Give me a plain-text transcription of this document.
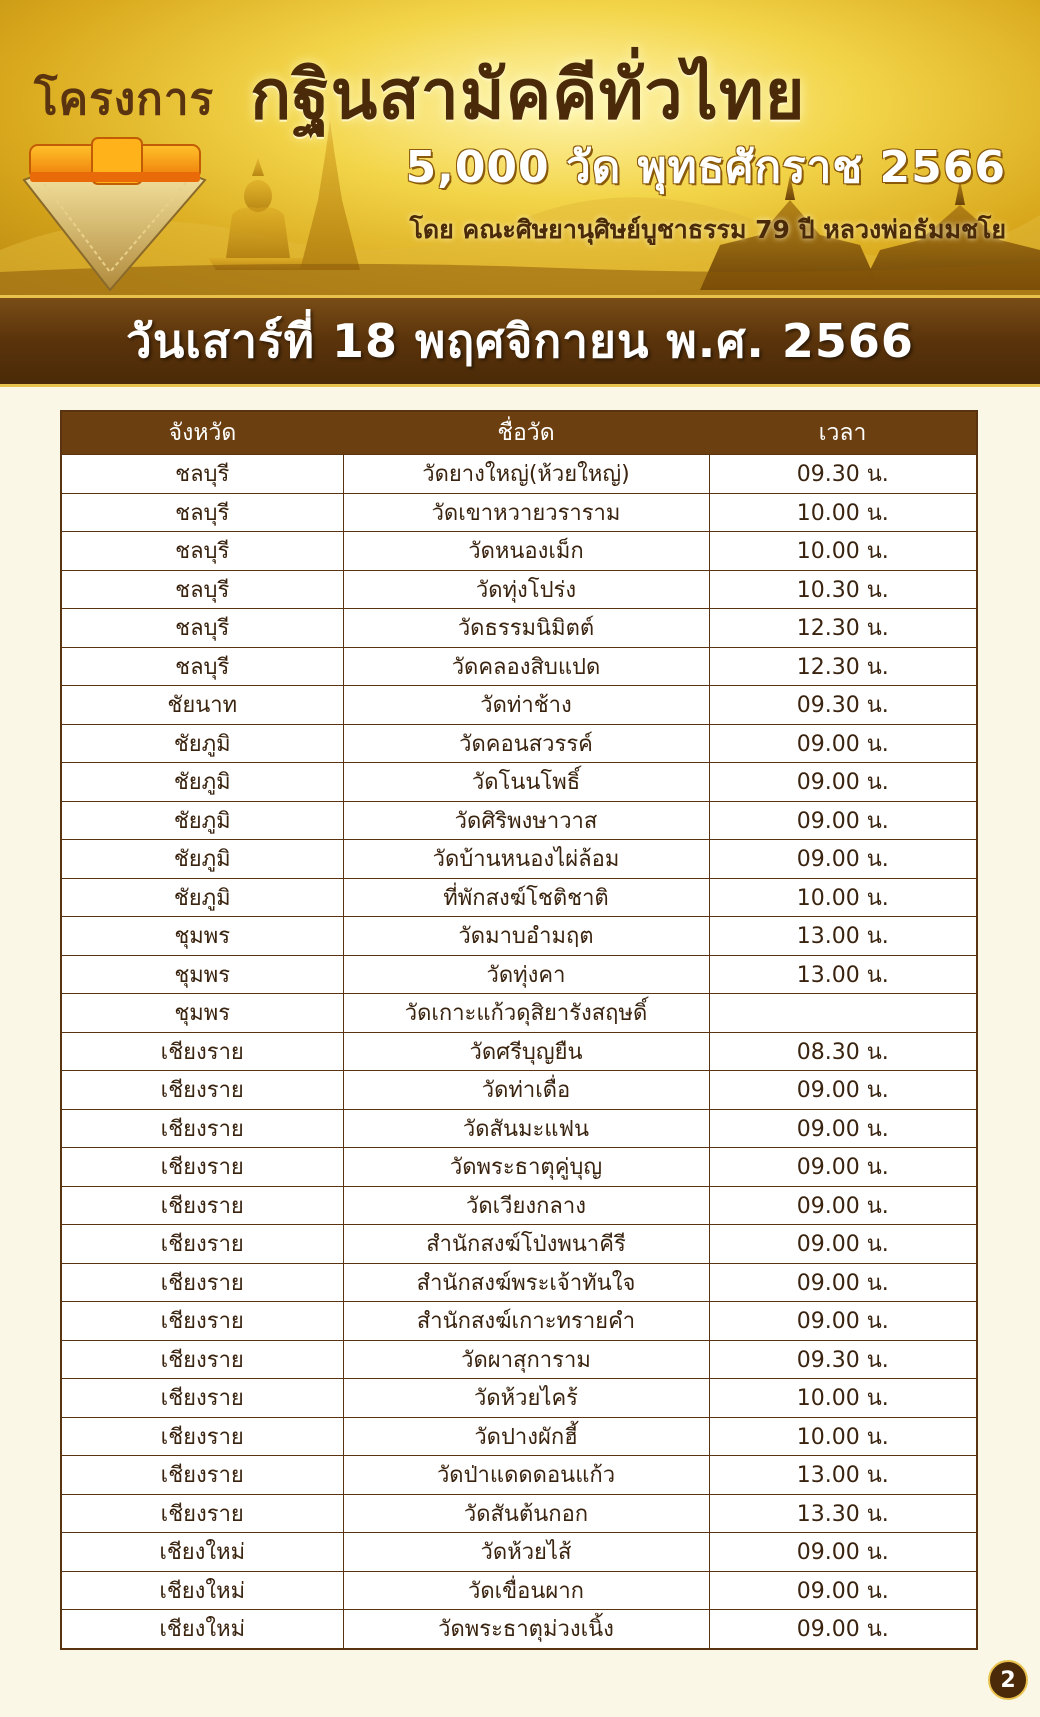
โครงการ กฐินสามัคคีทั่วไทย
5,000 วัด พุทธศักราช 2566
โดย คณะศิษยานุศิษย์บูชาธรรม 79 ปี หลวงพ่อธัมมชโย
วันเสาร์ที่ 18 พฤศจิกายน พ.ศ. 2566
จังหวัด	ชื่อวัด	เวลา
ชลบุรี	วัดยางใหญ่(ห้วยใหญ่)	09.30 น.
ชลบุรี	วัดเขาหวายวราราม	10.00 น.
ชลบุรี	วัดหนองเม็ก	10.00 น.
ชลบุรี	วัดทุ่งโปร่ง	10.30 น.
ชลบุรี	วัดธรรมนิมิตต์	12.30 น.
ชลบุรี	วัดคลองสิบแปด	12.30 น.
ชัยนาท	วัดท่าช้าง	09.30 น.
ชัยภูมิ	วัดคอนสวรรค์	09.00 น.
ชัยภูมิ	วัดโนนโพธิ์	09.00 น.
ชัยภูมิ	วัดศิริพงษาวาส	09.00 น.
ชัยภูมิ	วัดบ้านหนองไผ่ล้อม	09.00 น.
ชัยภูมิ	ที่พักสงฆ์โชติชาติ	10.00 น.
ชุมพร	วัดมาบอำมฤต	13.00 น.
ชุมพร	วัดทุ่งคา	13.00 น.
ชุมพร	วัดเกาะแก้วดุสิยารังสฤษดิ์	
เชียงราย	วัดศรีบุญยืน	08.30 น.
เชียงราย	วัดท่าเดื่อ	09.00 น.
เชียงราย	วัดสันมะแฟน	09.00 น.
เชียงราย	วัดพระธาตุคู่บุญ	09.00 น.
เชียงราย	วัดเวียงกลาง	09.00 น.
เชียงราย	สำนักสงฆ์โป่งพนาคีรี	09.00 น.
เชียงราย	สำนักสงฆ์พระเจ้าทันใจ	09.00 น.
เชียงราย	สำนักสงฆ์เกาะทรายคำ	09.00 น.
เชียงราย	วัดผาสุการาม	09.30 น.
เชียงราย	วัดห้วยไคร้	10.00 น.
เชียงราย	วัดปางผักฮี้	10.00 น.
เชียงราย	วัดป่าแดดดอนแก้ว	13.00 น.
เชียงราย	วัดสันต้นกอก	13.30 น.
เชียงใหม่	วัดห้วยไส้	09.00 น.
เชียงใหม่	วัดเขื่อนผาก	09.00 น.
เชียงใหม่	วัดพระธาตุม่วงเนิ้ง	09.00 น.
2
